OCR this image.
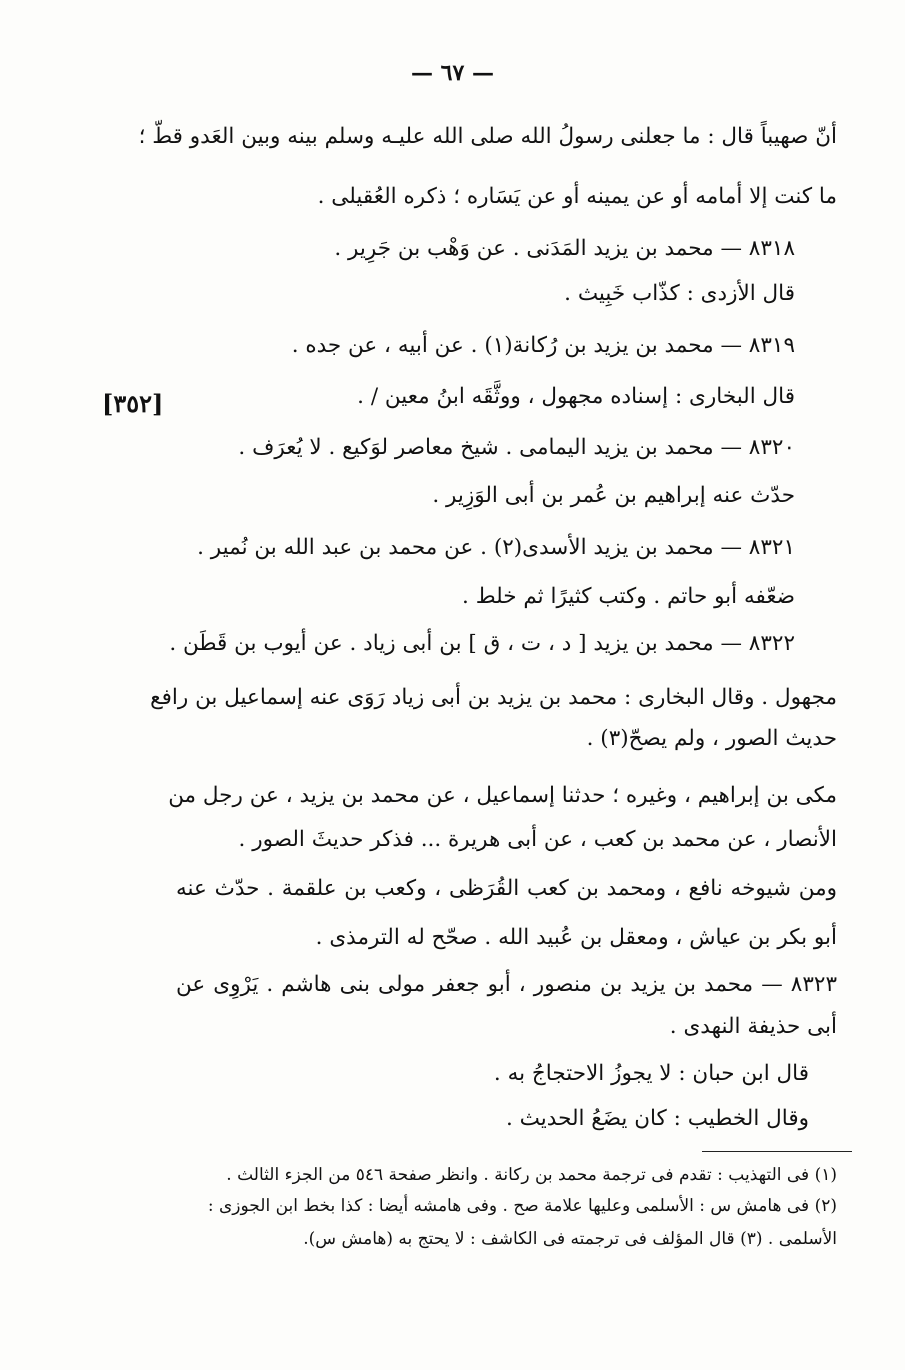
— ٦٧ —
[٣٥٢]
أنّ صهيباً قال : ما جعلنى رسولُ الله صلى الله عليـه وسلم بينه وبين العَدو قطّ ؛
ما كنت إلا أمامه أو عن يمينه أو عن يَسَاره ؛ ذكره العُقيلى .
٨٣١٨ — محمد بن يزيد المَدَنى . عن وَهْب بن جَرِير .
قال الأزدى : كذّاب خَبِيث .
٨٣١٩ — محمد بن يزيد بن رُكانة(١) . عن أبيه ، عن جده .
قال البخارى : إسناده مجهول ، ووثَّقَه ابنُ معين / .
٨٣٢٠ — محمد بن يزيد اليمامى . شيخ معاصر لوَكيع . لا يُعرَف .
حدّث عنه إبراهيم بن عُمر بن أبى الوَزِير .
٨٣٢١ — محمد بن يزيد الأسدى(٢) . عن محمد بن عبد الله بن نُمير .
ضعّفه أبو حاتم . وكتب كثيرًا ثم خلط .
٨٣٢٢ — محمد بن يزيد [ د ، ت ، ق ] بن أبى زياد . عن أيوب بن قَطَن .
مجهول . وقال البخارى : محمد بن يزيد بن أبى زياد رَوَى عنه إسماعيل بن رافع
حديث الصور ، ولم يصحّ(٣) .
مكى بن إبراهيم ، وغيره ؛ حدثنا إسماعيل ، عن محمد بن يزيد ، عن رجل من
الأنصار ، عن محمد بن كعب ، عن أبى هريرة ... فذكر حديثَ الصور .
ومن شيوخه نافع ، ومحمد بن كعب القُرَظى ، وكعب بن علقمة . حدّث عنه
أبو بكر بن عياش ، ومعقل بن عُبيد الله . صحّح له الترمذى .
٨٣٢٣ — محمد بن يزيد بن منصور ، أبو جعفر مولى بنى هاشم . يَرْوِى عن
أبى حذيفة النهدى .
قال ابن حبان : لا يجوزُ الاحتجاجُ به .
وقال الخطيب : كان يضَعُ الحديث .
(١) فى التهذيب : تقدم فى ترجمة محمد بن ركانة . وانظر صفحة ٥٤٦ من الجزء الثالث .
(٢) فى هامش س : الأسلمى وعليها علامة صح . وفى هامشه أيضا : كذا بخط ابن الجوزى :
الأسلمى . (٣) قال المؤلف فى ترجمته فى الكاشف : لا يحتج به (هامش س).
